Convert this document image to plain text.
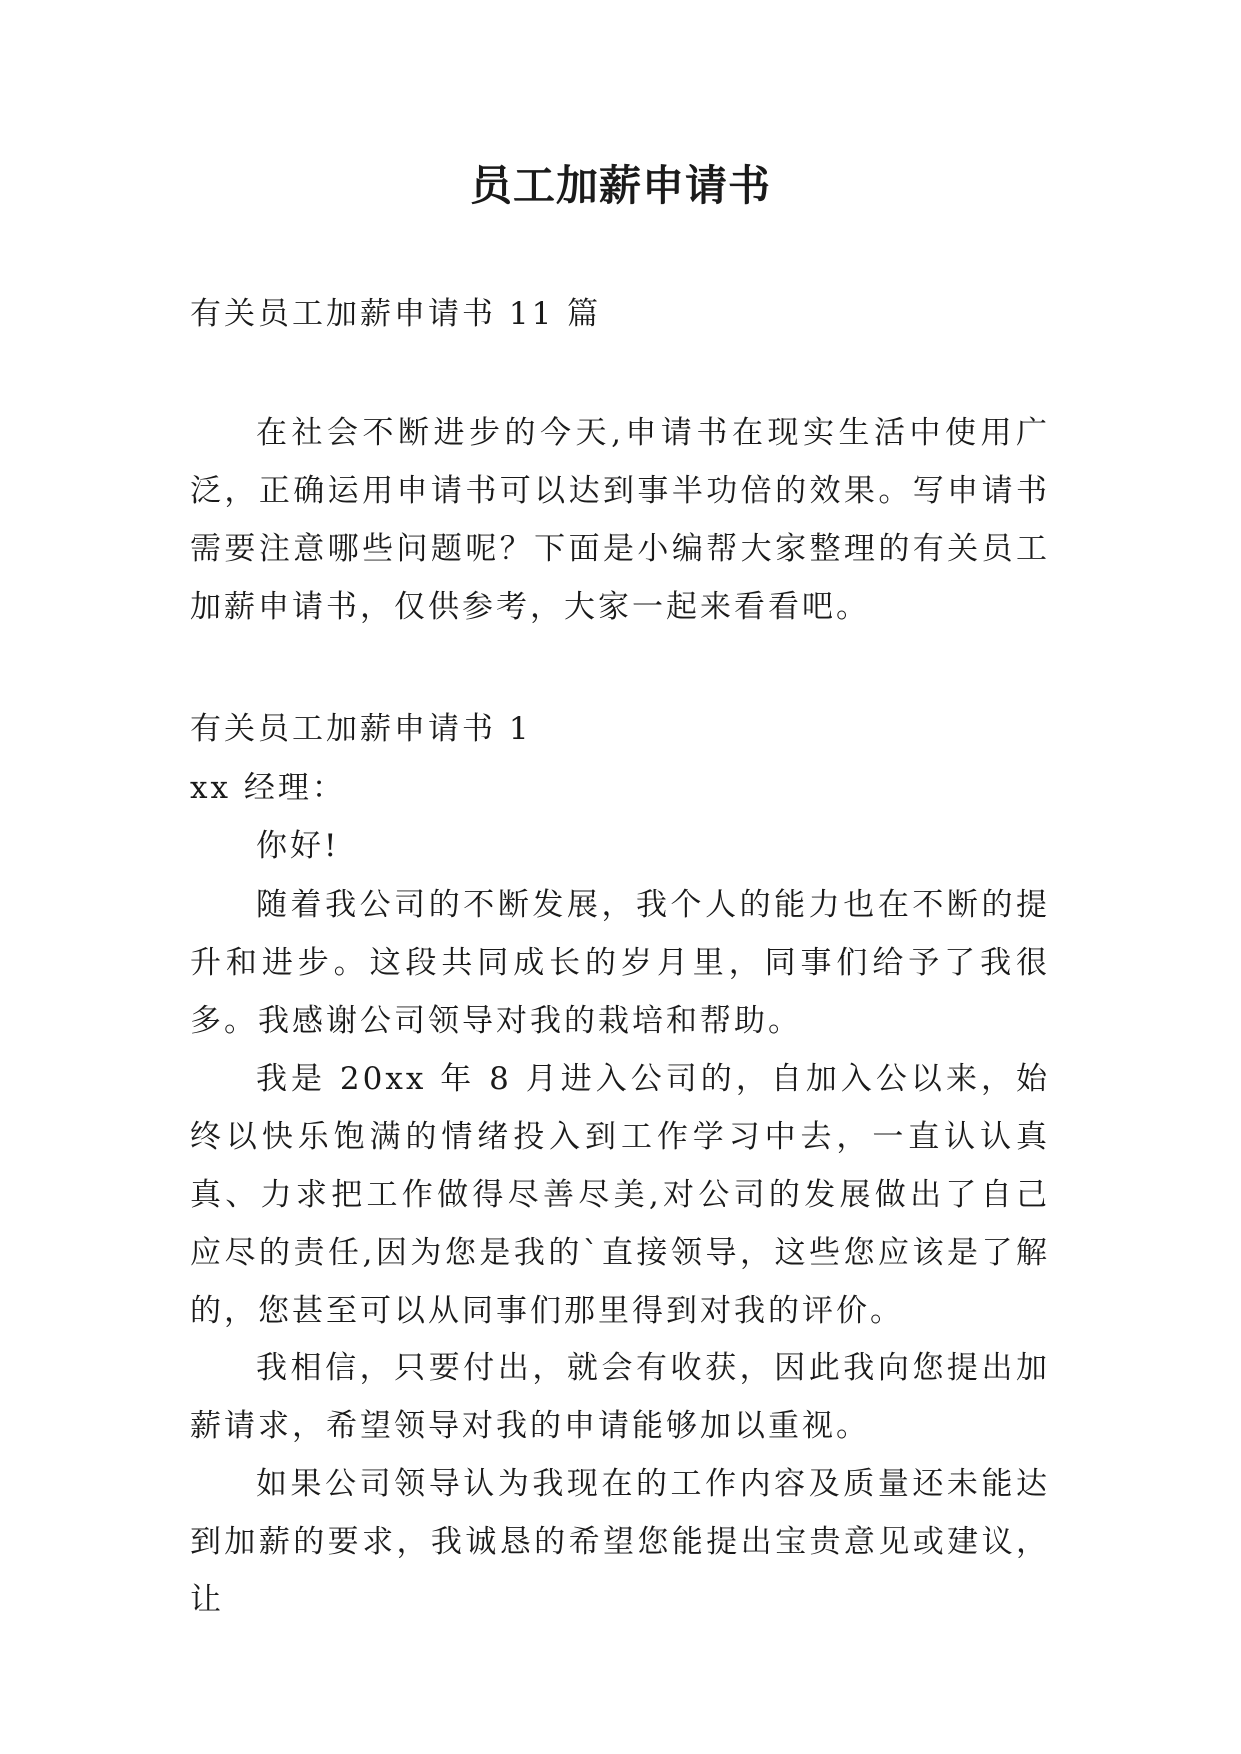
员工加薪申请书

有关员工加薪申请书 11 篇

在社会不断进步的今天,申请书在现实生活中使用广泛，正确运用申请书可以达到事半功倍的效果。写申请书需要注意哪些问题呢？下面是小编帮大家整理的有关员工加薪申请书，仅供参考，大家一起来看看吧。

有关员工加薪申请书 1

xx 经理：

你好!

随着我公司的不断发展，我个人的能力也在不断的提升和进步。这段共同成长的岁月里，同事们给予了我很多。我感谢公司领导对我的栽培和帮助。

我是 20xx 年 8 月进入公司的，自加入公以来，始终以快乐饱满的情绪投入到工作学习中去，一直认认真真、力求把工作做得尽善尽美,对公司的发展做出了自己应尽的责任,因为您是我的`直接领导，这些您应该是了解的，您甚至可以从同事们那里得到对我的评价。

我相信，只要付出，就会有收获，因此我向您提出加薪请求，希望领导对我的申请能够加以重视。

如果公司领导认为我现在的工作内容及质量还未能达到加薪的要求，我诚恳的希望您能提出宝贵意见或建议，让
